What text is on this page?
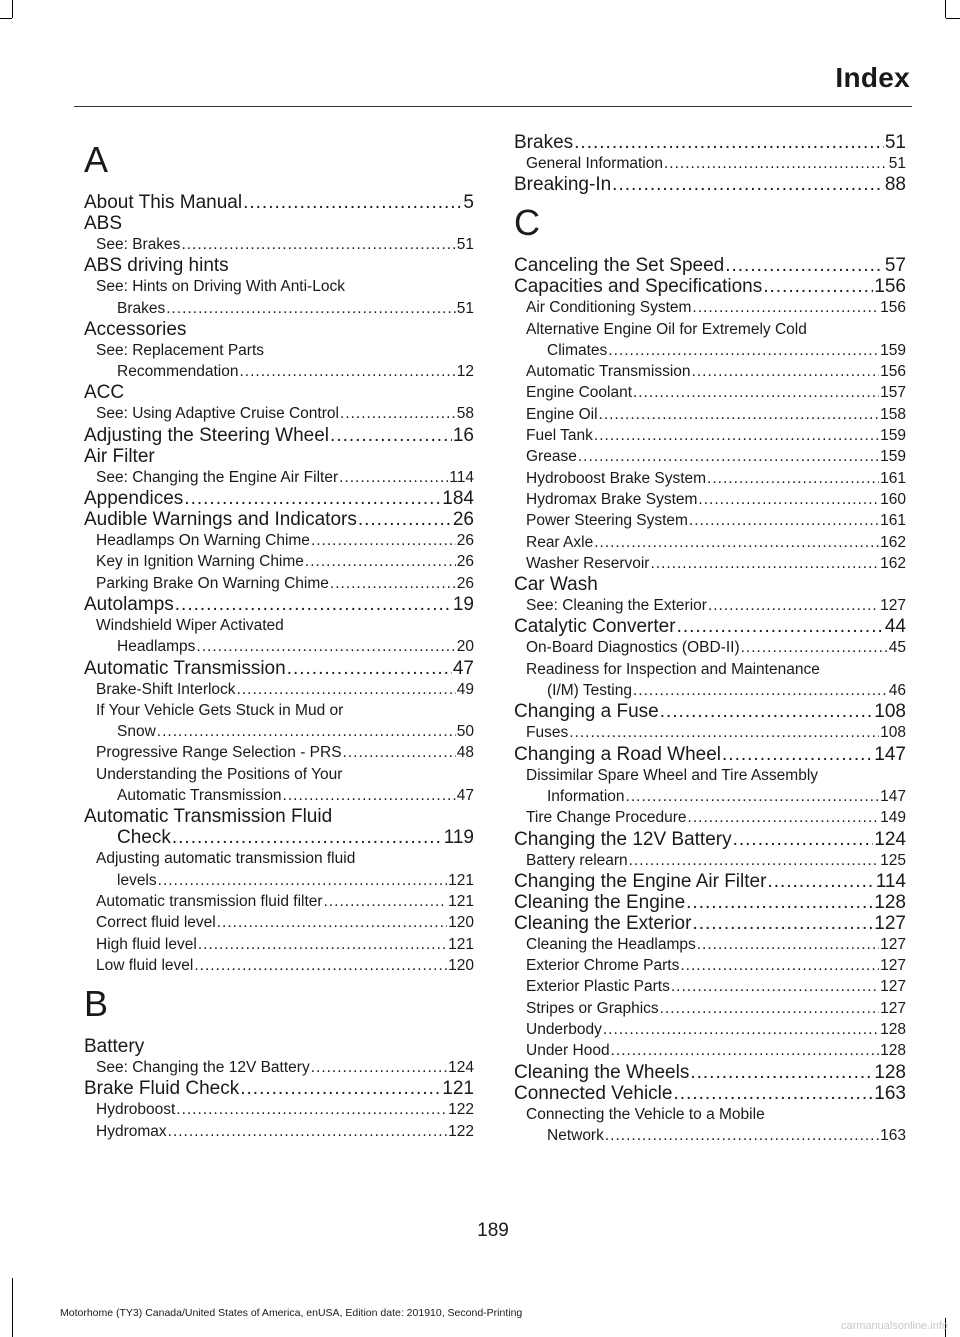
Index
A
About This Manual .....	5
ABS
See: Brakes .....	51
ABS driving hints
See: Hints on Driving With Anti-Lock
Brakes .....	51
Accessories
See: Replacement Parts
Recommendation .....	12
ACC
See: Using Adaptive Cruise Control .....	58
Adjusting the Steering Wheel .....	16
Air Filter
See: Changing the Engine Air Filter .....	114
Appendices .....	184
Audible Warnings and Indicators .....	26
Headlamps On Warning Chime .....	26
Key in Ignition Warning Chime .....	26
Parking Brake On Warning Chime .....	26
Autolamps .....	19
Windshield Wiper Activated
Headlamps .....	20
Automatic Transmission .....	47
Brake-Shift Interlock .....	49
If Your Vehicle Gets Stuck in Mud or
Snow .....	50
Progressive Range Selection - PRS .....	48
Understanding the Positions of Your
Automatic Transmission .....	47
Automatic Transmission Fluid
Check .....	119
Adjusting automatic transmission fluid
levels .....	121
Automatic transmission fluid filter .....	121
Correct fluid level .....	120
High fluid level .....	121
Low fluid level .....	120
B
Battery
See: Changing the 12V Battery .....	124
Brake Fluid Check .....	121
Hydroboost .....	122
Hydromax .....	122
Brakes .....	51
General Information .....	51
Breaking-In .....	88
C
Canceling the Set Speed .....	57
Capacities and Specifications .....	156
Air Conditioning System .....	156
Alternative Engine Oil for Extremely Cold
Climates .....	159
Automatic Transmission .....	156
Engine Coolant .....	157
Engine Oil .....	158
Fuel Tank .....	159
Grease .....	159
Hydroboost Brake System .....	161
Hydromax Brake System .....	160
Power Steering System .....	161
Rear Axle .....	162
Washer Reservoir .....	162
Car Wash
See: Cleaning the Exterior .....	127
Catalytic Converter .....	44
On-Board Diagnostics (OBD-II) .....	45
Readiness for Inspection and Maintenance
(I/M) Testing .....	46
Changing a Fuse .....	108
Fuses .....	108
Changing a Road Wheel .....	147
Dissimilar Spare Wheel and Tire Assembly
Information .....	147
Tire Change Procedure .....	149
Changing the 12V Battery .....	124
Battery relearn .....	125
Changing the Engine Air Filter .....	114
Cleaning the Engine .....	128
Cleaning the Exterior .....	127
Cleaning the Headlamps .....	127
Exterior Chrome Parts .....	127
Exterior Plastic Parts .....	127
Stripes or Graphics .....	127
Underbody .....	128
Under Hood .....	128
Cleaning the Wheels .....	128
Connected Vehicle .....	163
Connecting the Vehicle to a Mobile
Network .....	163
189
Motorhome (TY3) Canada/United States of America, enUSA, Edition date: 201910, Second-Printing
carmanualsonline.info
